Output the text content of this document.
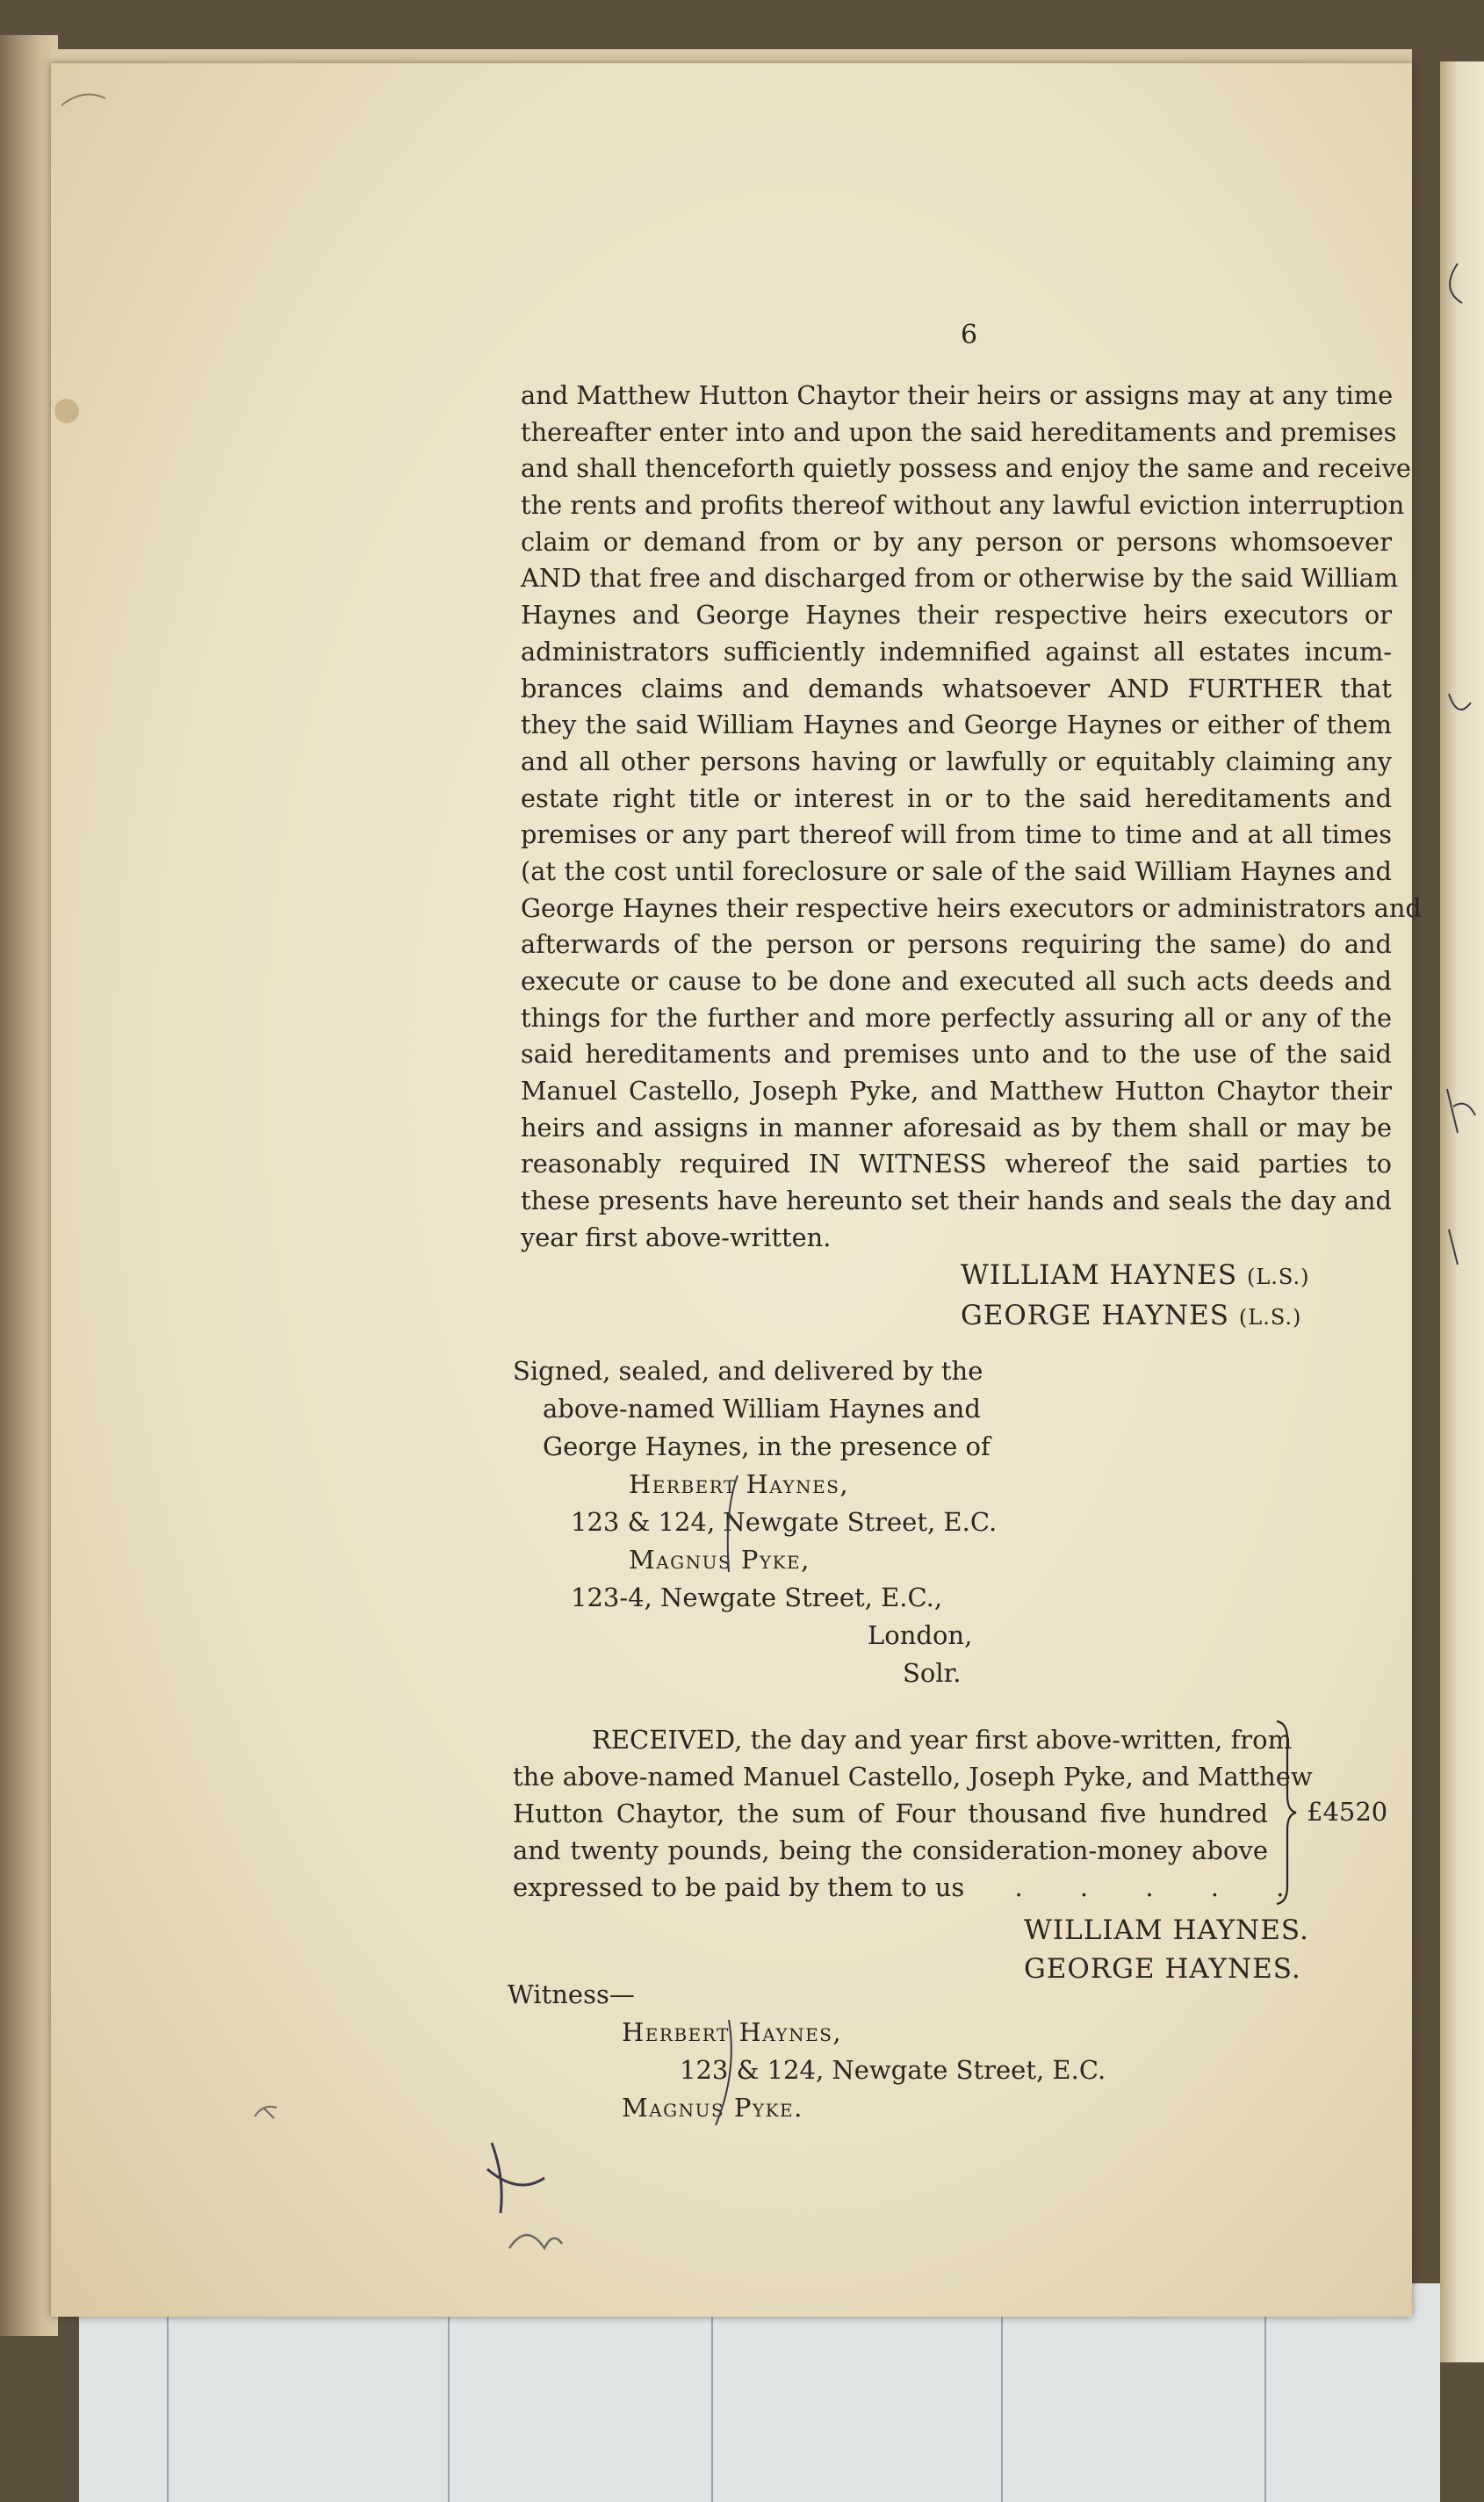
6
and Matthew Hutton Chaytor their heirs or assigns may at any time
thereafter enter into and upon the said hereditaments and premises
and shall thenceforth quietly possess and enjoy the same and receive
the rents and profits thereof without any lawful eviction interruption
claim or demand from or by any person or persons whomsoever
AND that free and discharged from or otherwise by the said William
Haynes and George Haynes their respective heirs executors or
administrators sufficiently indemnified against all estates incum-
brances claims and demands whatsoever AND FURTHER that
they the said William Haynes and George Haynes or either of them
and all other persons having or lawfully or equitably claiming any
estate right title or interest in or to the said hereditaments and
premises or any part thereof will from time to time and at all times
(at the cost until foreclosure or sale of the said William Haynes and
George Haynes their respective heirs executors or administrators and
afterwards of the person or persons requiring the same) do and
execute or cause to be done and executed all such acts deeds and
things for the further and more perfectly assuring all or any of the
said hereditaments and premises unto and to the use of the said
Manuel Castello, Joseph Pyke, and Matthew Hutton Chaytor their
heirs and assigns in manner aforesaid as by them shall or may be
reasonably required IN WITNESS whereof the said parties to
these presents have hereunto set their hands and seals the day and
year first above-written.
WILLIAM HAYNES (L.S.)
GEORGE HAYNES (L.S.)
Signed, sealed, and delivered by the
above-named William Haynes and
George Haynes, in the presence of
Herbert Haynes,
123 & 124, Newgate Street, E.C.
Magnus Pyke,
123-4, Newgate Street, E.C.,
London,
Solr.
RECEIVED, the day and year first above-written, from
the above-named Manuel Castello, Joseph Pyke, and Matthew
Hutton Chaytor, the sum of Four thousand five hundred
and twenty pounds, being the consideration-money above
expressed to be paid by them to us . . . . .
£4520
WILLIAM HAYNES.
GEORGE HAYNES.
Witness—
Herbert Haynes,
123 & 124, Newgate Street, E.C.
Magnus Pyke.
